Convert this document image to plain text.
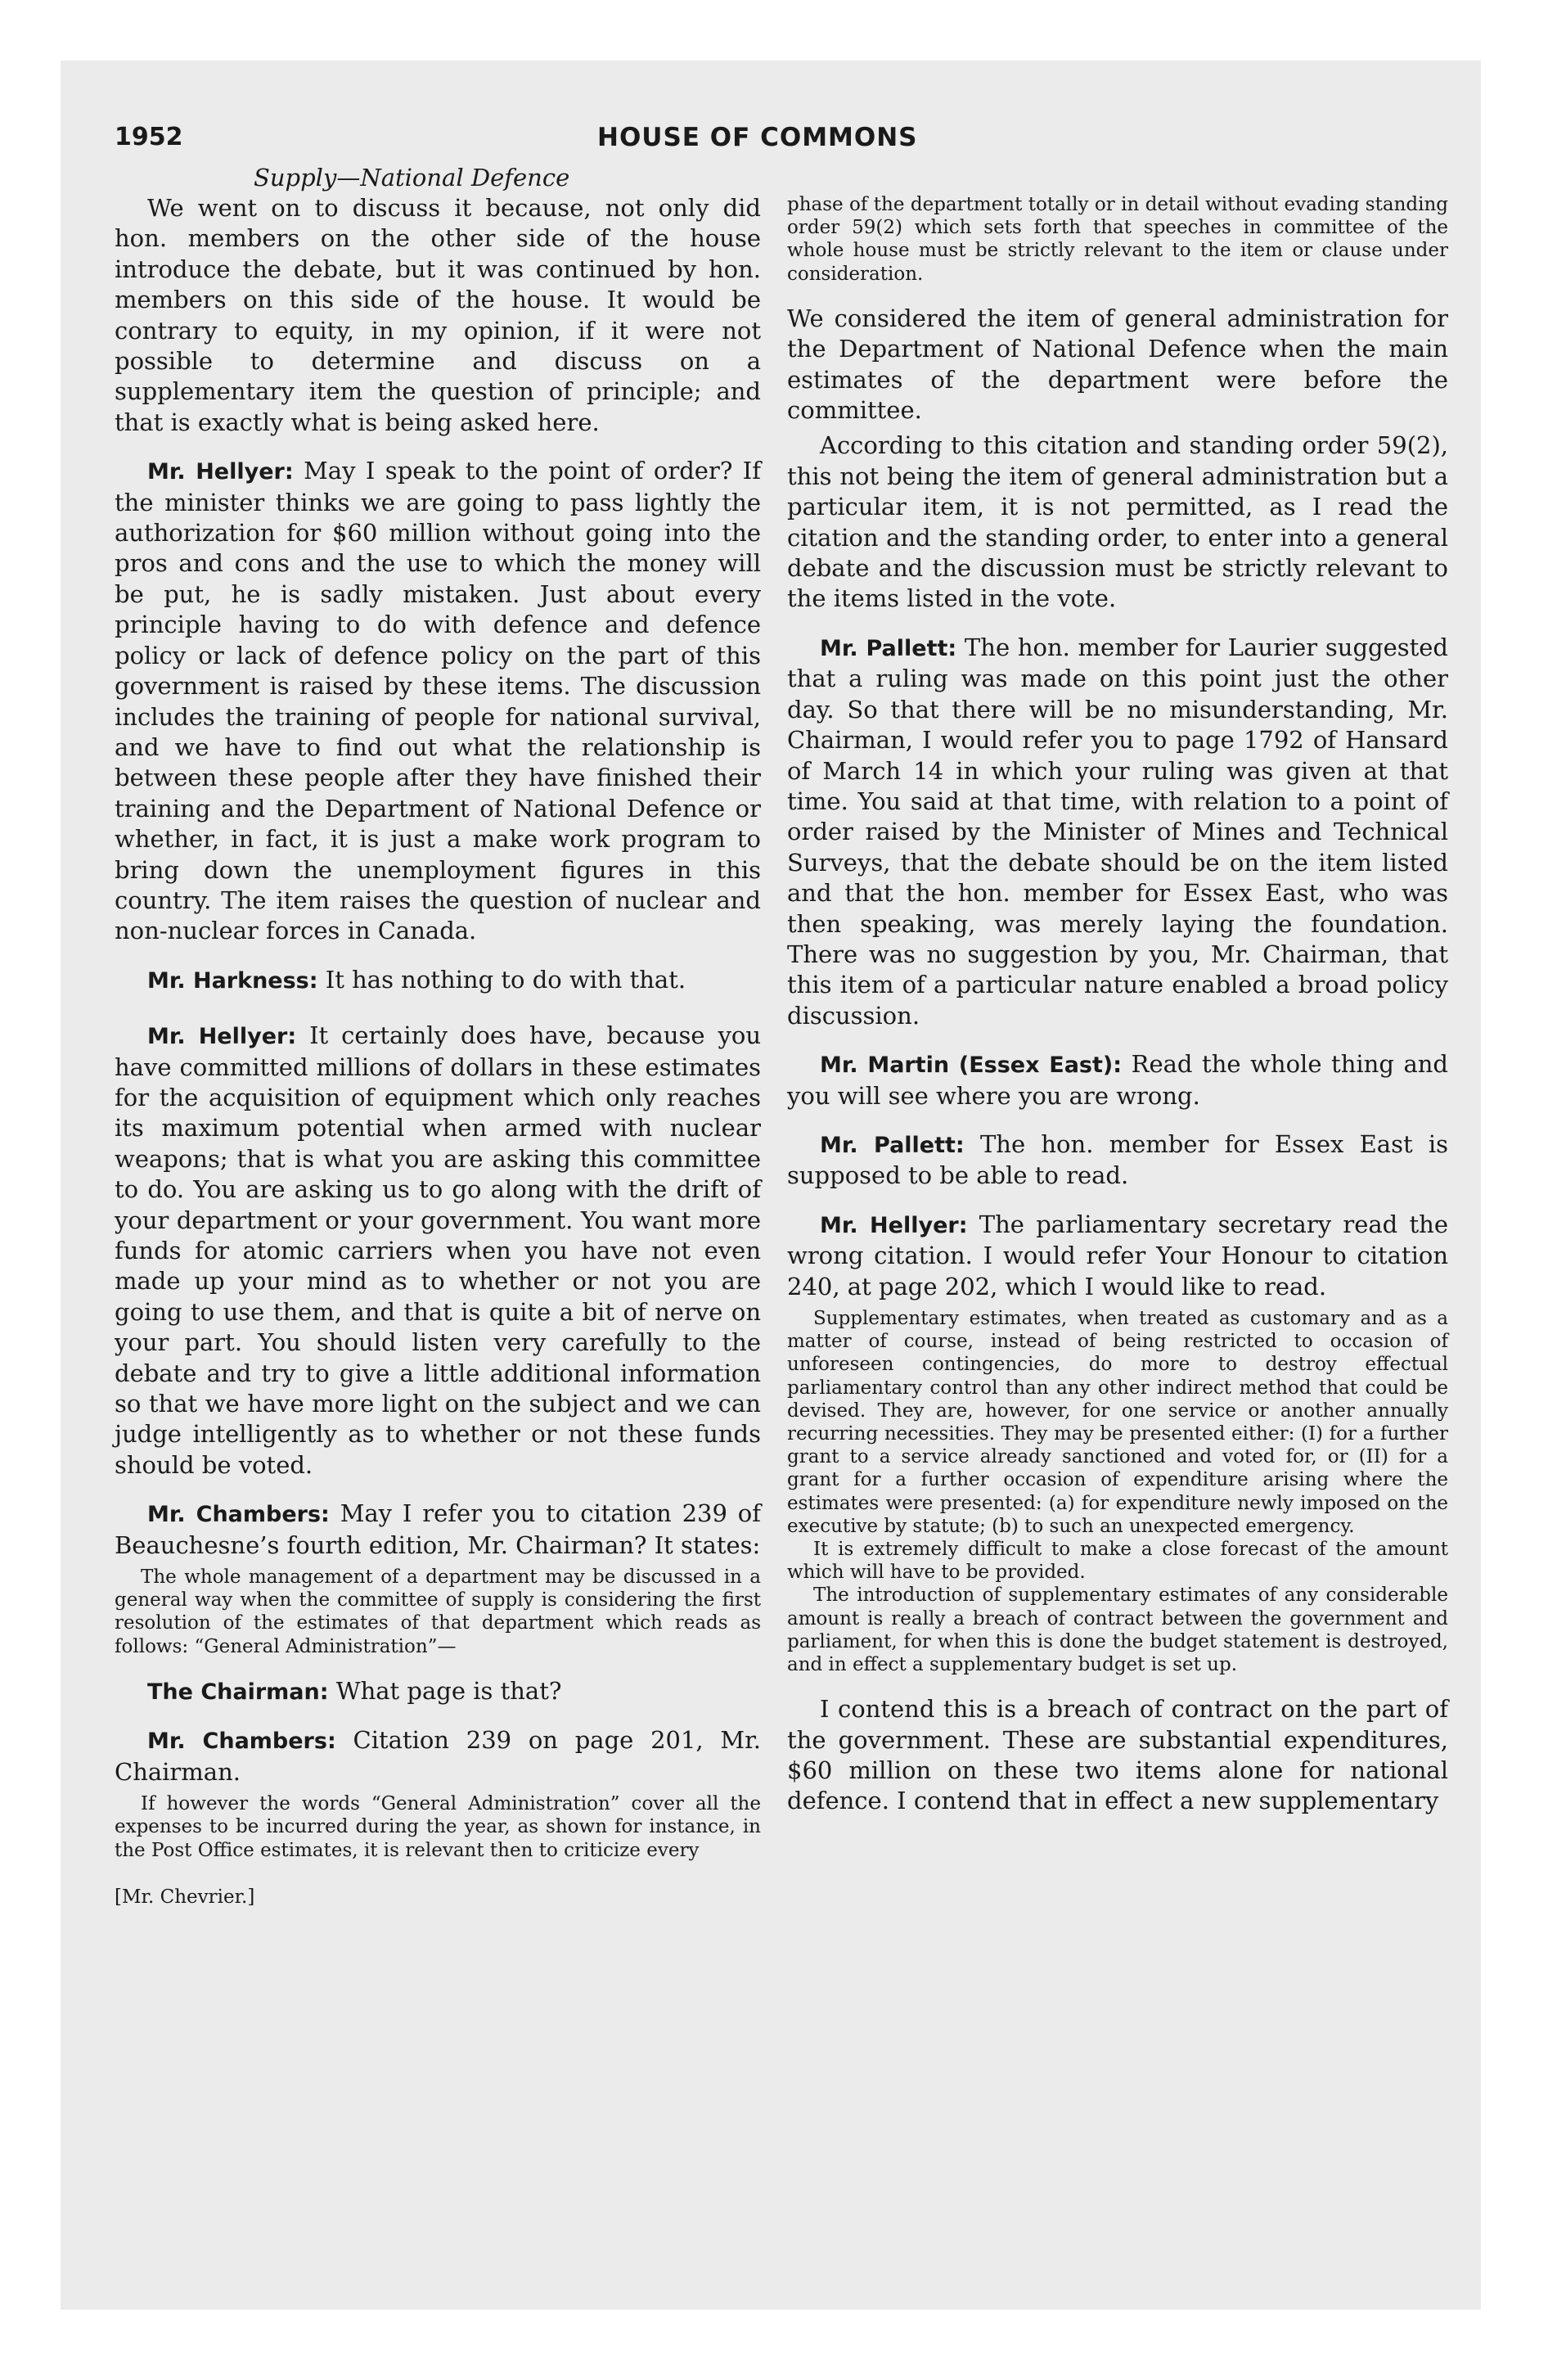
1952	HOUSE OF COMMONS
Supply—National Defence

We went on to discuss it because, not only did hon. members on the other side of the house introduce the debate, but it was continued by hon. members on this side of the house. It would be contrary to equity, in my opinion, if it were not possible to determine and discuss on a supplementary item the question of principle; and that is exactly what is being asked here.

Mr. Hellyer: May I speak to the point of order? If the minister thinks we are going to pass lightly the authorization for $60 million without going into the pros and cons and the use to which the money will be put, he is sadly mistaken. Just about every principle having to do with defence and defence policy or lack of defence policy on the part of this government is raised by these items. The discussion includes the training of people for national survival, and we have to find out what the relationship is between these people after they have finished their training and the Department of National Defence or whether, in fact, it is just a make work program to bring down the unemployment figures in this country. The item raises the question of nuclear and non-nuclear forces in Canada.

Mr. Harkness: It has nothing to do with that.

Mr. Hellyer: It certainly does have, because you have committed millions of dollars in these estimates for the acquisition of equipment which only reaches its maximum potential when armed with nuclear weapons; that is what you are asking this committee to do. You are asking us to go along with the drift of your department or your government. You want more funds for atomic carriers when you have not even made up your mind as to whether or not you are going to use them, and that is quite a bit of nerve on your part. You should listen very carefully to the debate and try to give a little additional information so that we have more light on the subject and we can judge intelligently as to whether or not these funds should be voted.

Mr. Chambers: May I refer you to citation 239 of Beauchesne’s fourth edition, Mr. Chairman? It states:

The whole management of a department may be discussed in a general way when the committee of supply is considering the first resolution of the estimates of that department which reads as follows: “General Administration”—

The Chairman: What page is that?

Mr. Chambers: Citation 239 on page 201, Mr. Chairman.

If however the words “General Administration” cover all the expenses to be incurred during the year, as shown for instance, in the Post Office estimates, it is relevant then to criticize every

[Mr. Chevrier.]

phase of the department totally or in detail without evading standing order 59(2) which sets forth that speeches in committee of the whole house must be strictly relevant to the item or clause under consideration.

We considered the item of general administration for the Department of National Defence when the main estimates of the department were before the committee.

According to this citation and standing order 59(2), this not being the item of general administration but a particular item, it is not permitted, as I read the citation and the standing order, to enter into a general debate and the discussion must be strictly relevant to the items listed in the vote.

Mr. Pallett: The hon. member for Laurier suggested that a ruling was made on this point just the other day. So that there will be no misunderstanding, Mr. Chairman, I would refer you to page 1792 of Hansard of March 14 in which your ruling was given at that time. You said at that time, with relation to a point of order raised by the Minister of Mines and Technical Surveys, that the debate should be on the item listed and that the hon. member for Essex East, who was then speaking, was merely laying the foundation. There was no suggestion by you, Mr. Chairman, that this item of a particular nature enabled a broad policy discussion.

Mr. Martin (Essex East): Read the whole thing and you will see where you are wrong.

Mr. Pallett: The hon. member for Essex East is supposed to be able to read.

Mr. Hellyer: The parliamentary secretary read the wrong citation. I would refer Your Honour to citation 240, at page 202, which I would like to read.

Supplementary estimates, when treated as customary and as a matter of course, instead of being restricted to occasion of unforeseen contingencies, do more to destroy effectual parliamentary control than any other indirect method that could be devised. They are, however, for one service or another annually recurring necessities. They may be presented either: (I) for a further grant to a service already sanctioned and voted for, or (II) for a grant for a further occasion of expenditure arising where the estimates were presented: (a) for expenditure newly imposed on the executive by statute; (b) to such an unexpected emergency.

It is extremely difficult to make a close forecast of the amount which will have to be provided.

The introduction of supplementary estimates of any considerable amount is really a breach of contract between the government and parliament, for when this is done the budget statement is destroyed, and in effect a supplementary budget is set up.

I contend this is a breach of contract on the part of the government. These are substantial expenditures, $60 million on these two items alone for national defence. I contend that in effect a new supplementary
